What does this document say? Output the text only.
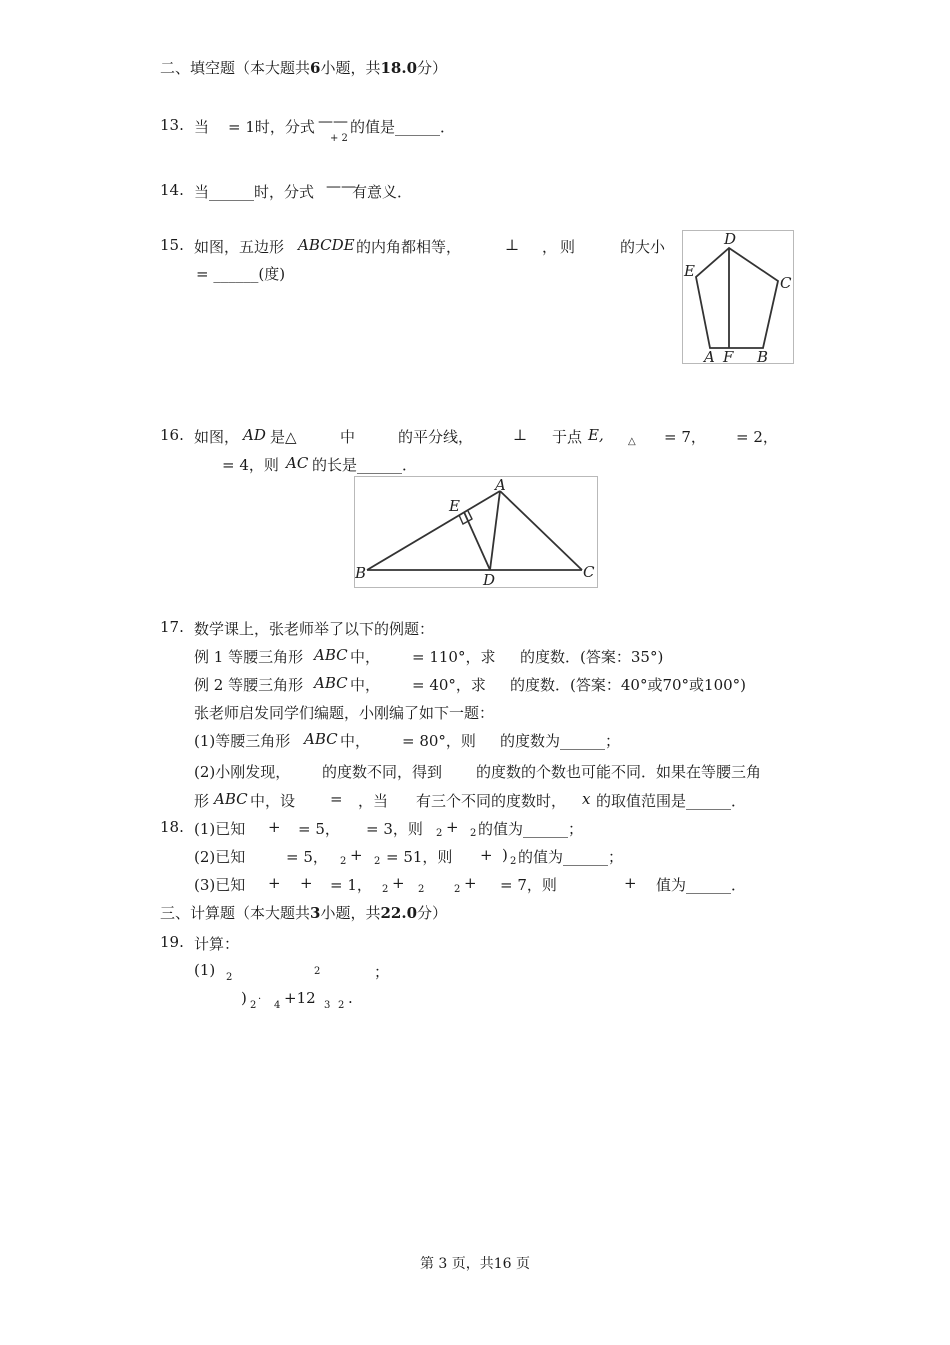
二、填空题（本大题共6小题，共18.0分）
13. 当 = 1时，分式 —— 的值是______．
+ 2
14. 当______时，分式 ——
有意义．
15. 如图，五边形 ABCDE 的内角都相等，	⊥ ， 则	的大小
= ______(度)
D
E
C
A F B
16. 如图， AD 是△	中	的平分线，	⊥ 于点 E, △ = 7， = 2，
= 4，则 AC 的长是______．
A
E
B	D	C
17. 数学课上，张老师举了以下的例题：
例 1 等腰三角形 ABC 中， = 110°，求 的度数．(答案：35°)
例 2 等腰三角形 ABC 中， = 40°，求 的度数．(答案：40°或70°或100°)
张老师启发同学们编题，小刚编了如下一题：
(1)等腰三角形 ABC 中， = 80°，则 的度数为______；
(2)小刚发现， 的度数不同，得到 的度数的个数也可能不同．如果在等腰三角
形 ABC 中，设 = ，当 有三个不同的度数时， x 的取值范围是______．
18. (1)已知 + = 5， = 3，则 2 + 2 的值为______；
(2)已知	= 5， 2 + 2 = 51，则 + ) 2 的值为______；
(3)已知 + + = 1， 2 + 2	2 + = 7，则	+ 值为______．
三、计算题（本大题共3小题，共22.0分）
19. 计算：
(1) 2
2	；
) 2
·
4 +12 3 2 .
第 3 页，共16 页
